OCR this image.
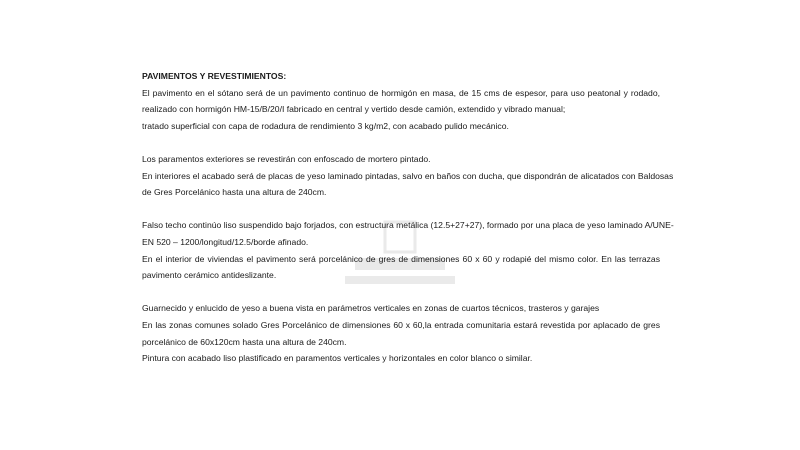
PAVIMENTOS Y REVESTIMIENTOS:
El pavimento en el sótano será de un pavimento continuo de hormigón en masa, de 15 cms de espesor, para uso peatonal y rodado,
realizado con hormigón HM-15/B/20/I fabricado en central y vertido desde camión, extendido y vibrado manual;
tratado superficial con capa de rodadura de rendimiento 3 kg/m2, con acabado pulido mecánico.
Los paramentos exteriores se revestirán con enfoscado de mortero pintado.
En interiores el acabado será de placas de yeso laminado pintadas, salvo en baños con ducha, que dispondrán de alicatados con Baldosas
de Gres Porcelánico hasta una altura de 240cm.
Falso techo continúo liso suspendido bajo forjados, con estructura metálica (12.5+27+27), formado por una placa de yeso laminado A/UNE-
EN 520 – 1200/longitud/12.5/borde afinado.
En el interior de viviendas el pavimento será porcelánico de gres de dimensiones 60 x 60 y rodapié del mismo color. En las terrazas
pavimento cerámico antideslizante.
Guarnecido y enlucido de yeso a buena vista en parámetros verticales en zonas de cuartos técnicos, trasteros y garajes
En las zonas comunes solado Gres Porcelánico de dimensiones 60 x 60,la entrada comunitaria estará revestida por aplacado de gres
porcelánico de 60x120cm hasta una altura de 240cm.
Pintura con acabado liso plastificado en paramentos verticales y horizontales en color blanco o similar.
